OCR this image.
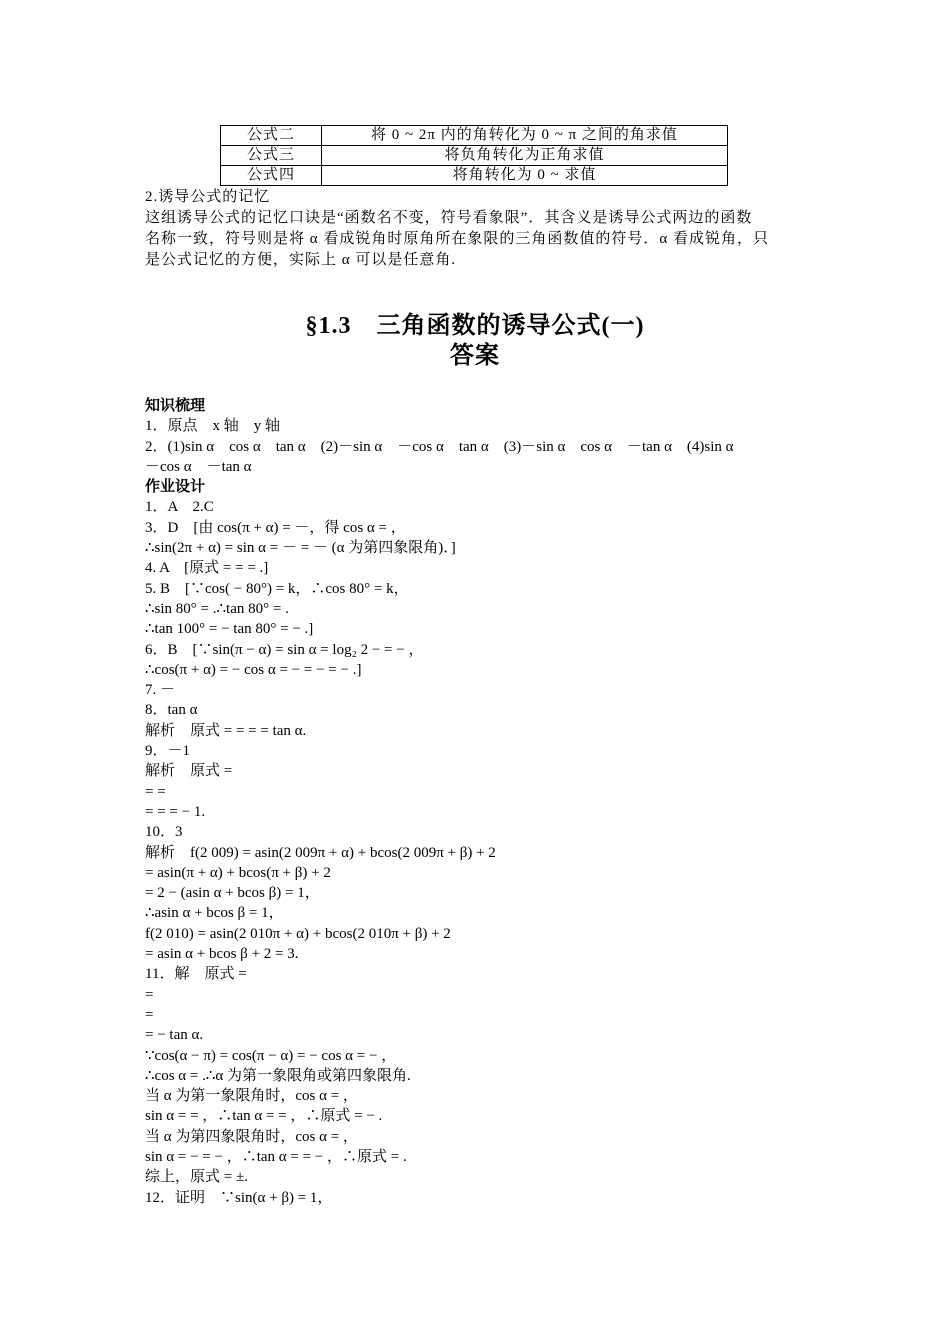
公式二	将 0 ~ 2π 内的角转化为 0 ~ π 之间的角求值
公式三	将负角转化为正角求值
公式四	将角转化为 0 ~ 求值
2.诱导公式的记忆
这组诱导公式的记忆口诀是“函数名不变，符号看象限”．其含义是诱导公式两边的函数
名称一致，符号则是将 α 看成锐角时原角所在象限的三角函数值的符号．α 看成锐角，只
是公式记忆的方便，实际上 α 可以是任意角.
§1.3　三角函数的诱导公式(一)
答案
知识梳理
1．原点　x 轴　y 轴
2．(1)sin α　cos α　tan α　(2)－sin α　－cos α　tan α　(3)－sin α　cos α　－tan α　(4)sin α
－cos α　－tan α
作业设计
1．A　2.C
3．D　[由 cos(π + α) = －，得 cos α = ，
∴sin(2π + α) = sin α = － = － (α 为第四象限角)．]
4. A　[原式 = = = .]
5. B　[∵cos( − 80°) = k，∴cos 80° = k，
∴sin 80° = .∴tan 80° = .
∴tan 100° = − tan 80° = − .]
6．B　[∵sin(π − α) = sin α = log₂ 2 − = − ，
∴cos(π + α) = − cos α = − = − = − .]
7. －
8．tan α
解析　原式 = = = = tan α.
9．－1
解析　原式 =
= =
= = = − 1.
10．3
解析　f(2 009) = asin(2 009π + α) + bcos(2 009π + β) + 2
= asin(π + α) + bcos(π + β) + 2
= 2 − (asin α + bcos β) = 1，
∴asin α + bcos β = 1，
f(2 010) = asin(2 010π + α) + bcos(2 010π + β) + 2
= asin α + bcos β + 2 = 3.
11．解　原式 =
=
=
= − tan α.
∵cos(α − π) = cos(π − α) = − cos α = − ，
∴cos α = .∴α 为第一象限角或第四象限角.
当 α 为第一象限角时，cos α = ，
sin α = = ，∴tan α = = ，∴原式 = − .
当 α 为第四象限角时，cos α = ，
sin α = − = − ，∴tan α = = − ，∴原式 = .
综上，原式 = ±.
12．证明　∵sin(α + β) = 1，
